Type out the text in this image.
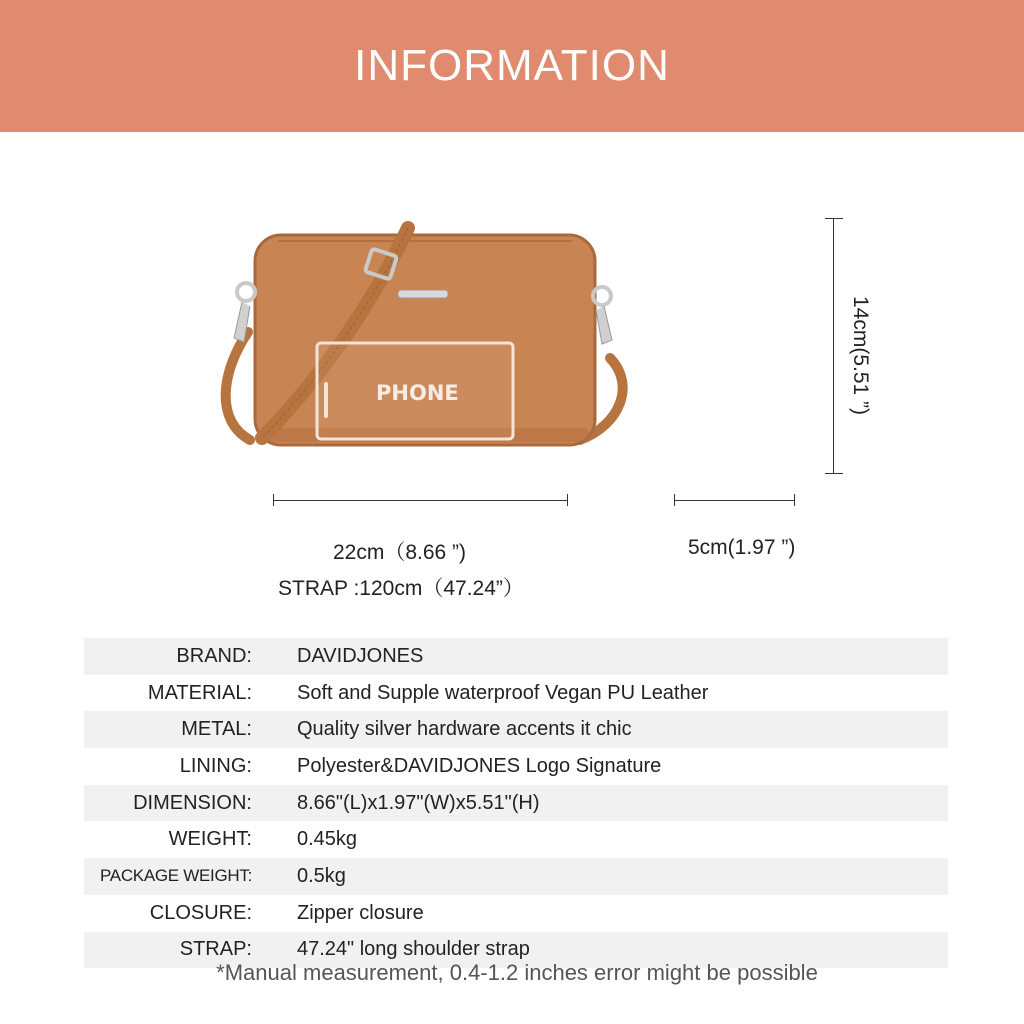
INFORMATION
PHONE
22cm（8.66 ”)
STRAP :120cm（47.24”）
5cm(1.97 ”)
14cm(5.51 ”)
BRAND: DAVIDJONES
MATERIAL: Soft and Supple waterproof Vegan PU Leather
METAL: Quality silver hardware accents it chic
LINING: Polyester&DAVIDJONES Logo Signature
DIMENSION: 8.66"(L)x1.97"(W)x5.51"(H)
WEIGHT: 0.45kg
PACKAGE WEIGHT: 0.5kg
CLOSURE: Zipper closure
STRAP: 47.24" long shoulder strap
*Manual measurement, 0.4-1.2 inches error might be possible
